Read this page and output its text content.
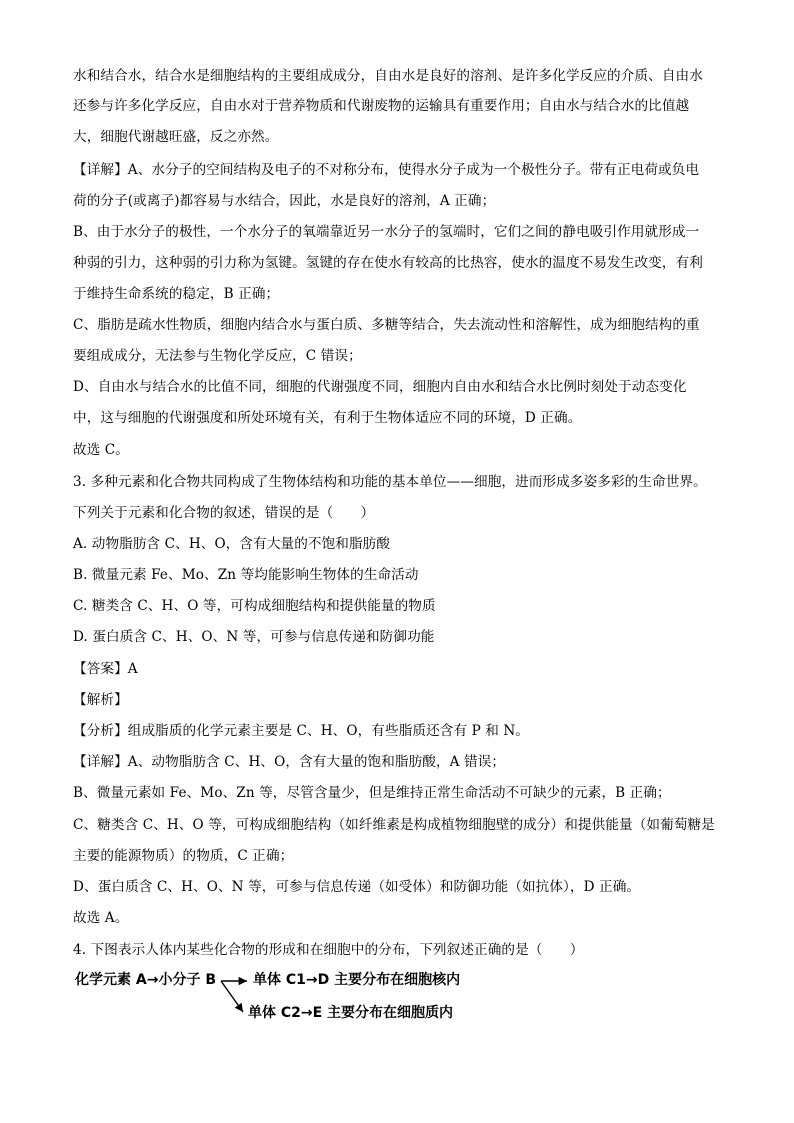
水和结合水，结合水是细胞结构的主要组成成分，自由水是良好的溶剂、是许多化学反应的介质、自由水
还参与许多化学反应，自由水对于营养物质和代谢废物的运输具有重要作用；自由水与结合水的比值越
大，细胞代谢越旺盛，反之亦然。
【详解】A、水分子的空间结构及电子的不对称分布，使得水分子成为一个极性分子。带有正电荷或负电
荷的分子(或离子)都容易与水结合，因此，水是良好的溶剂，A 正确；
B、由于水分子的极性，一个水分子的氧端靠近另一水分子的氢端时，它们之间的静电吸引作用就形成一
种弱的引力，这种弱的引力称为氢键。氢键的存在使水有较高的比热容，使水的温度不易发生改变，有利
于维持生命系统的稳定，B 正确；
C、脂肪是疏水性物质，细胞内结合水与蛋白质、多糖等结合，失去流动性和溶解性，成为细胞结构的重
要组成成分，无法参与生物化学反应，C 错误；
D、自由水与结合水的比值不同，细胞的代谢强度不同，细胞内自由水和结合水比例时刻处于动态变化
中，这与细胞的代谢强度和所处环境有关，有利于生物体适应不同的环境，D 正确。
故选 C。
3. 多种元素和化合物共同构成了生物体结构和功能的基本单位——细胞，进而形成多姿多彩的生命世界。
下列关于元素和化合物的叙述，错误的是（　　）
A. 动物脂肪含 C、H、O，含有大量的不饱和脂肪酸
B. 微量元素 Fe、Mo、Zn 等均能影响生物体的生命活动
C. 糖类含 C、H、O 等，可构成细胞结构和提供能量的物质
D. 蛋白质含 C、H、O、N 等，可参与信息传递和防御功能
【答案】A
【解析】
【分析】组成脂质的化学元素主要是 C、H、O，有些脂质还含有 P 和 N。
【详解】A、动物脂肪含 C、H、O，含有大量的饱和脂肪酸，A 错误；
B、微量元素如 Fe、Mo、Zn 等，尽管含量少，但是维持正常生命活动不可缺少的元素，B 正确；
C、糖类含 C、H、O 等，可构成细胞结构（如纤维素是构成植物细胞壁的成分）和提供能量（如葡萄糖是
主要的能源物质）的物质，C 正确；
D、蛋白质含 C、H、O、N 等，可参与信息传递（如受体）和防御功能（如抗体），D 正确。
故选 A。
4. 下图表示人体内某些化合物的形成和在细胞中的分布，下列叙述正确的是（　　）
化学元素 A→小分子 B	单体 C1→D 主要分布在细胞核内
单体 C2→E 主要分布在细胞质内
